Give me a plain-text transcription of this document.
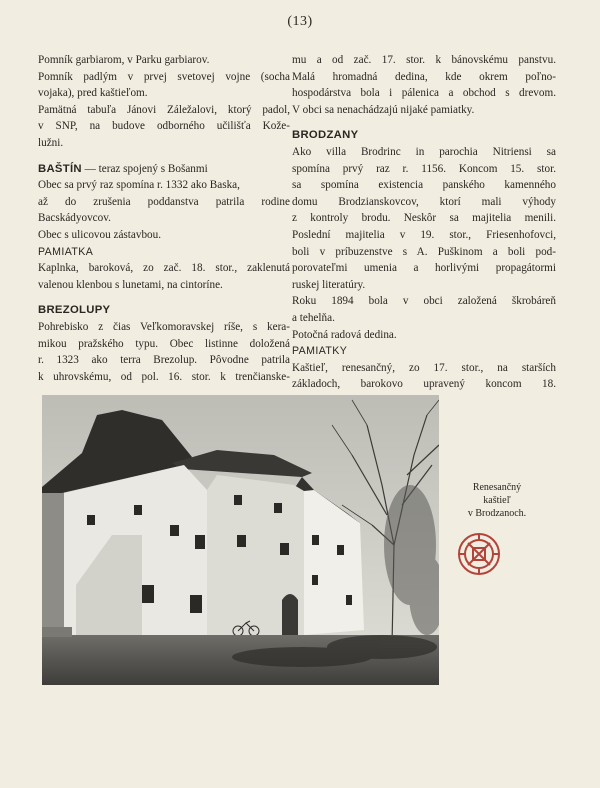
(13)

Pomník garbiarom, v Parku garbiarov.

Pomník padlým v prvej svetovej vojne (socha

vojaka), pred kaštieľom.

Pamätná tabuľa Jánovi Záležalovi, ktorý padol,

v SNP, na budove odborného učilišťa Kože-

lužni.

BAŠTÍN — teraz spojený s Bošanmi

Obec sa prvý raz spomína r. 1332 ako Baska,

až do zrušenia poddanstva patrila rodine

Bacskádyovcov.

Obec s ulicovou zástavbou.

PAMIATKA

Kaplnka, baroková, zo zač. 18. stor., zaklenutá

valenou klenbou s lunetami, na cintoríne.

BREZOLUPY

Pohrebisko z čias Veľkomoravskej ríše, s kera-

mikou pražského typu. Obec listinne doložená

r. 1323 ako terra Brezolup. Pôvodne patrila

k uhrovskému, od pol. 16. stor. k trenčianske-

mu a od zač. 17. stor. k bánovskému panstvu.

Malá hromadná dedina, kde okrem poľno-

hospodárstva bola i pálenica a obchod s drevom.

V obci sa nenachádzajú nijaké pamiatky.

BRODZANY

Ako villa Brodrinc in parochia Nitriensi sa

spomína prvý raz r. 1156. Koncom 15. stor.

sa spomína existencia panského kamenného

domu Brodzianskovcov, ktorí mali výhody

z kontroly brodu. Neskôr sa majitelia menili.

Poslední majitelia v 19. stor., Friesenhofovci,

boli v príbuzenstve s A. Puškinom a boli pod-

porovateľmi umenia a horlivými propagátormi

ruskej literatúry.

Roku 1894 bola v obci založená škrobáreň

a tehelňa.

Potočná radová dedina.

PAMIATKY

Kaštieľ, renesančný, zo 17. stor., na starších

základoch, barokovo upravený koncom 18.

Renesančný
kaštieľ
v Brodzanoch.
